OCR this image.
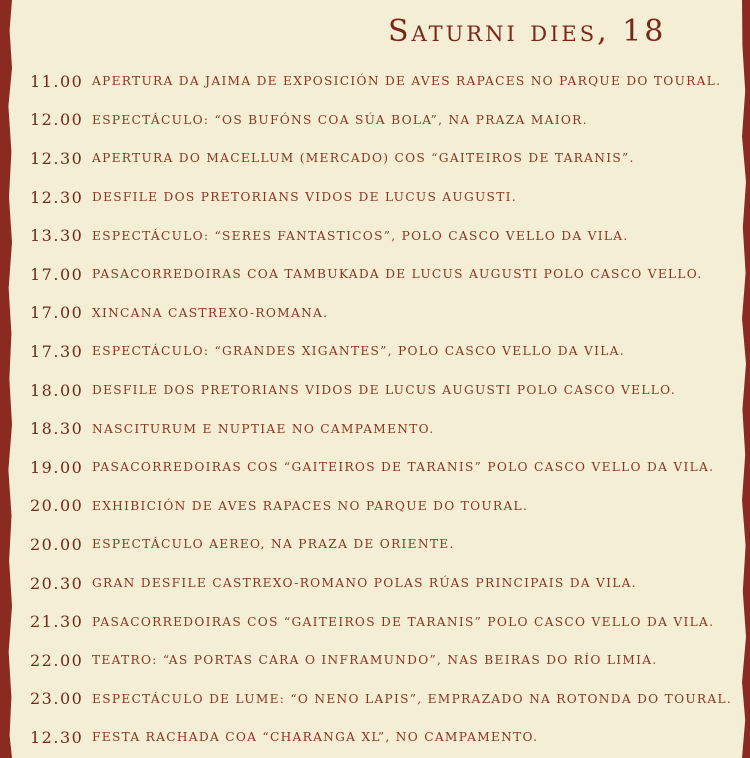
Saturni dies, 18
11.00 APERTURA DA JAIMA DE EXPOSICIÓN DE AVES RAPACES NO PARQUE DO TOURAL.
12.00 ESPECTÁCULO: “OS BUFÓNS COA SÚA BOLA”, NA PRAZA MAIOR.
12.30 APERTURA DO MACELLUM (MERCADO) COS “GAITEIROS DE TARANIS”.
12.30 DESFILE DOS PRETORIANS VIDOS DE LUCUS AUGUSTI.
13.30 ESPECTÁCULO: “SERES FANTASTICOS”, POLO CASCO VELLO DA VILA.
17.00 PASACORREDOIRAS COA TAMBUKADA DE LUCUS AUGUSTI POLO CASCO VELLO.
17.00 XINCANA CASTREXO-ROMANA.
17.30 ESPECTÁCULO: “GRANDES XIGANTES”, POLO CASCO VELLO DA VILA.
18.00 DESFILE DOS PRETORIANS VIDOS DE LUCUS AUGUSTI POLO CASCO VELLO.
18.30 NASCITURUM E NUPTIAE NO CAMPAMENTO.
19.00 PASACORREDOIRAS COS “GAITEIROS DE TARANIS” POLO CASCO VELLO DA VILA.
20.00 EXHIBICIÓN DE AVES RAPACES NO PARQUE DO TOURAL.
20.00 ESPECTÁCULO AEREO, NA PRAZA DE ORIENTE.
20.30 GRAN DESFILE CASTREXO-ROMANO POLAS RÚAS PRINCIPAIS DA VILA.
21.30 PASACORREDOIRAS COS “GAITEIROS DE TARANIS” POLO CASCO VELLO DA VILA.
22.00 TEATRO: “AS PORTAS CARA O INFRAMUNDO”, NAS BEIRAS DO RÍO LIMIA.
23.00 ESPECTÁCULO DE LUME: “O NENO LAPIS”, EMPRAZADO NA ROTONDA DO TOURAL.
12.30 FESTA RACHADA COA “CHARANGA XL”, NO CAMPAMENTO.
